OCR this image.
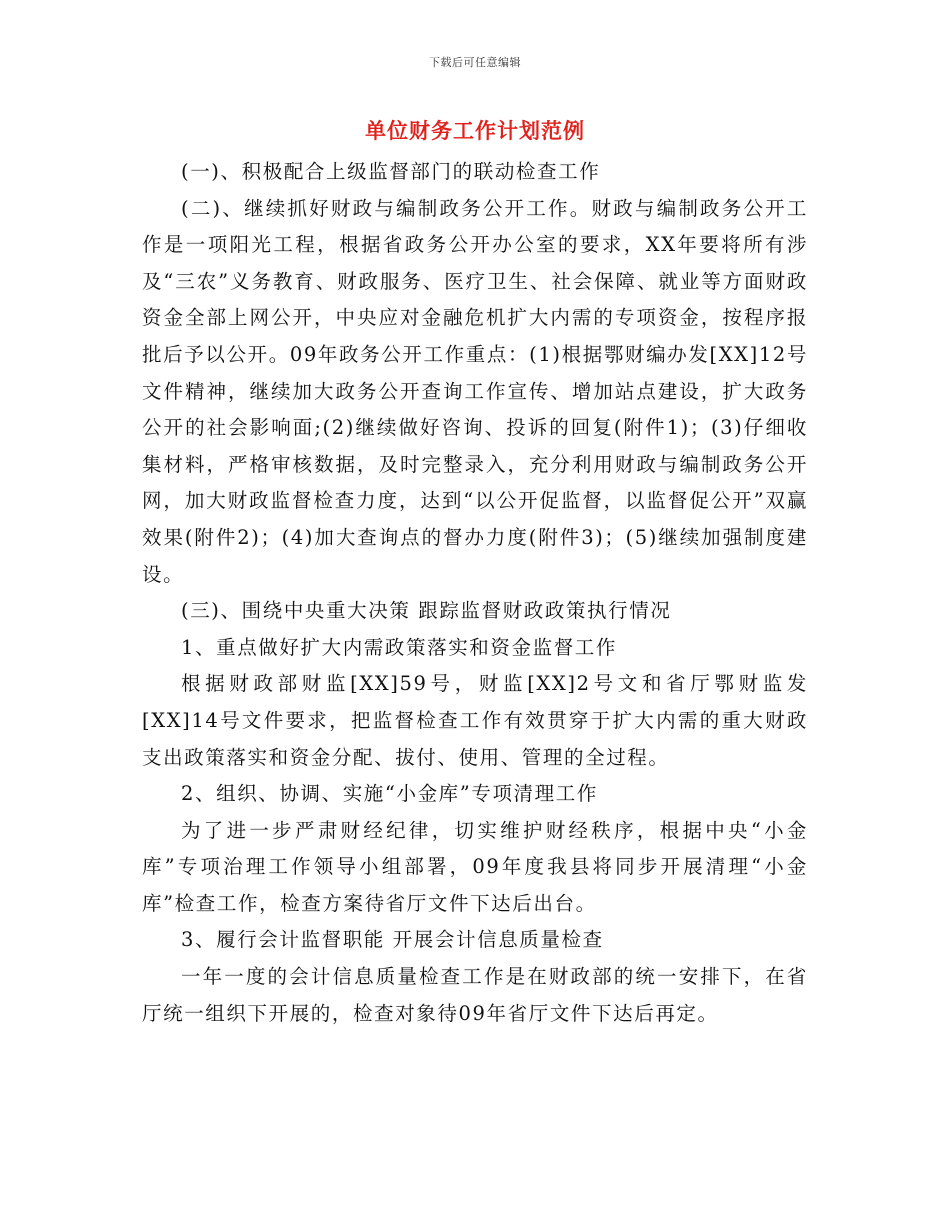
下载后可任意编辑
单位财务工作计划范例

(一)、积极配合上级监督部门的联动检查工作

(二)、继续抓好财政与编制政务公开工作。财政与编制政务公开工作是一项阳光工程，根据省政务公开办公室的要求，XX年要将所有涉及“三农”义务教育、财政服务、医疗卫生、社会保障、就业等方面财政资金全部上网公开，中央应对金融危机扩大内需的专项资金，按程序报批后予以公开。09年政务公开工作重点：(1)根据鄂财编办发[XX]12号文件精神，继续加大政务公开查询工作宣传、增加站点建设，扩大政务公开的社会影响面;(2)继续做好咨询、投诉的回复(附件1)；(3)仔细收集材料，严格审核数据，及时完整录入，充分利用财政与编制政务公开网，加大财政监督检查力度，达到“以公开促监督，以监督促公开”双赢效果(附件2)；(4)加大查询点的督办力度(附件3)；(5)继续加强制度建设。

(三)、围绕中央重大决策 跟踪监督财政政策执行情况

1、重点做好扩大内需政策落实和资金监督工作

根据财政部财监[XX]59号，财监[XX]2号文和省厅鄂财监发[XX]14号文件要求，把监督检查工作有效贯穿于扩大内需的重大财政支出政策落实和资金分配、拔付、使用、管理的全过程。

2、组织、协调、实施“小金库”专项清理工作

为了进一步严肃财经纪律，切实维护财经秩序，根据中央“小金库”专项治理工作领导小组部署，09年度我县将同步开展清理“小金库”检查工作，检查方案待省厅文件下达后出台。

3、履行会计监督职能 开展会计信息质量检查

一年一度的会计信息质量检查工作是在财政部的统一安排下，在省厅统一组织下开展的，检查对象待09年省厅文件下达后再定。
